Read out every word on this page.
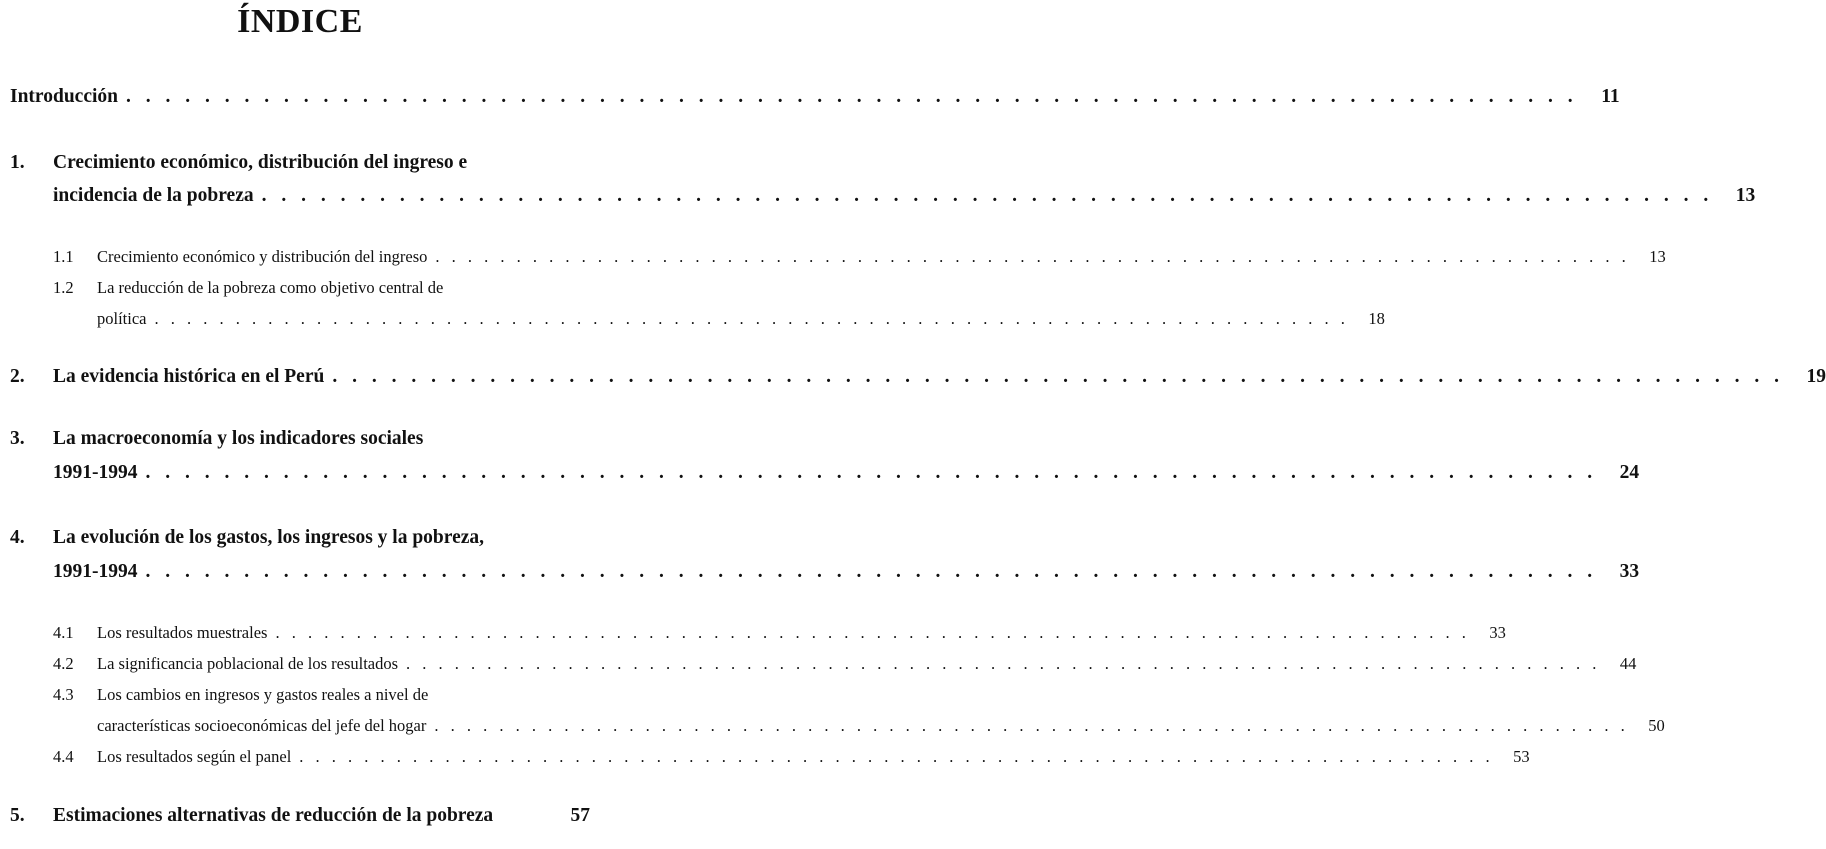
ÍNDICE
Introducción . . . . . . . . . . . . . . . . . . . . . . . . . . . . . . . . . . . . . . . . . . . . . . . . . . . . . . . . . . . . . . . . . . . . . . . . . .	11
1. Crecimiento económico, distribución del ingreso e
incidencia de la pobreza . . . . . . . . . . . . . . . . . . . . . . . . . . . . . . . . . . . . . . . . . . . . . . . . . . . . . . . . . . . . . . . . . . . . . . . . . .	13
1.1 Crecimiento económico y distribución del ingreso . . . . . . . . . . . . . . . . . . . . . . . . . . . . . . . . . . . . . . . . . . . . . . . . . . . . . . . . . . . . . . . . . . . . . . . . . .	13
1.2 La reducción de la pobreza como objetivo central de
política . . . . . . . . . . . . . . . . . . . . . . . . . . . . . . . . . . . . . . . . . . . . . . . . . . . . . . . . . . . . . . . . . . . . . . . . . .	18
2. La evidencia histórica en el Perú . . . . . . . . . . . . . . . . . . . . . . . . . . . . . . . . . . . . . . . . . . . . . . . . . . . . . . . . . . . . . . . . . . . . . . . . . .	19
3. La macroeconomía y los indicadores sociales
1991-1994 . . . . . . . . . . . . . . . . . . . . . . . . . . . . . . . . . . . . . . . . . . . . . . . . . . . . . . . . . . . . . . . . . . . . . . . . . .	24
4. La evolución de los gastos, los ingresos y la pobreza,
1991-1994 . . . . . . . . . . . . . . . . . . . . . . . . . . . . . . . . . . . . . . . . . . . . . . . . . . . . . . . . . . . . . . . . . . . . . . . . . .	33
4.1 Los resultados muestrales . . . . . . . . . . . . . . . . . . . . . . . . . . . . . . . . . . . . . . . . . . . . . . . . . . . . . . . . . . . . . . . . . . . . . . . . . .	33
4.2 La significancia poblacional de los resultados . . . . . . . . . . . . . . . . . . . . . . . . . . . . . . . . . . . . . . . . . . . . . . . . . . . . . . . . . . . . . . . . . . . . . . . . . .	44
4.3 Los cambios en ingresos y gastos reales a nivel de
características socioeconómicas del jefe del hogar . . . . . . . . . . . . . . . . . . . . . . . . . . . . . . . . . . . . . . . . . . . . . . . . . . . . . . . . . . . . . . . . . . . . . . . . . .	50
4.4 Los resultados según el panel . . . . . . . . . . . . . . . . . . . . . . . . . . . . . . . . . . . . . . . . . . . . . . . . . . . . . . . . . . . . . . . . . . . . . . . . . .	53
5. Estimaciones alternativas de reducción de la pobreza	57
